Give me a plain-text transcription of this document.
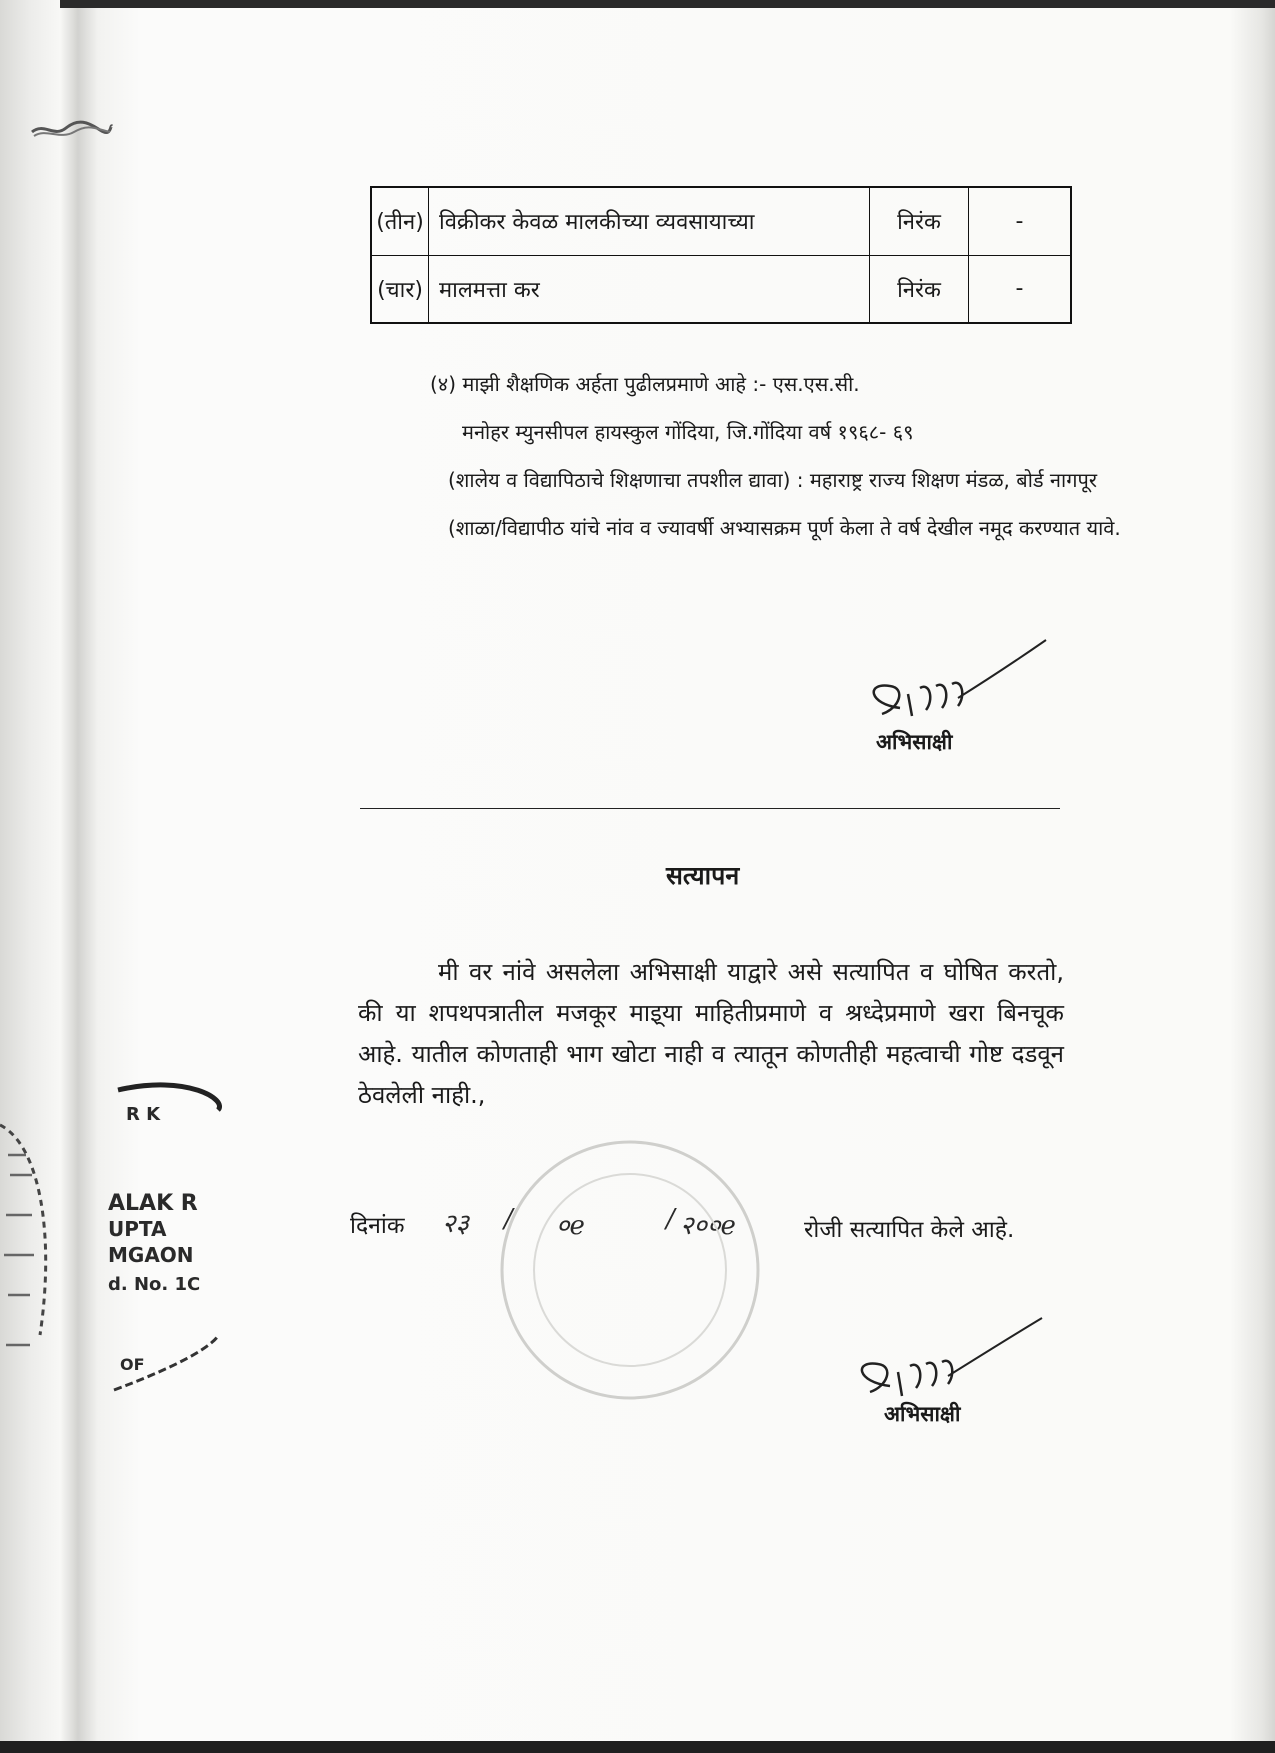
(तीन)	विक्रीकर केवळ मालकीच्या व्यवसायाच्या	निरंक	-
(चार)	मालमत्ता कर	निरंक	-
(४) माझी शैक्षणिक अर्हता पुढीलप्रमाणे आहे :- एस.एस.सी.
मनोहर म्युनसीपल हायस्कुल गोंदिया, जि.गोंदिया वर्ष १९६८- ६९
(शालेय व विद्यापिठाचे शिक्षणाचा तपशील द्यावा) : महाराष्ट्र राज्य शिक्षण मंडळ, बोर्ड नागपूर
(शाळा/विद्यापीठ यांचे नांव व ज्यावर्षी अभ्यासक्रम पूर्ण केला ते वर्ष देखील नमूद करण्यात यावे.
अभिसाक्षी
सत्यापन
मी वर नांवे असलेला अभिसाक्षी याद्वारे असे सत्यापित व घोषित करतो, की या शपथपत्रातील मजकूर माइ्या माहितीप्रमाणे व श्रध्देप्रमाणे खरा बिनचूक आहे. यातील कोणताही भाग खोटा नाही व त्यातून कोणतीही महत्वाची गोष्ट दडवून ठेवलेली नाही.,
दिनांक २३ / ०e	/ २००e	रोजी सत्यापित केले आहे.
अभिसाक्षी
R K
ALAK R
UPTA
MGAON
d. No. 1C
OF
